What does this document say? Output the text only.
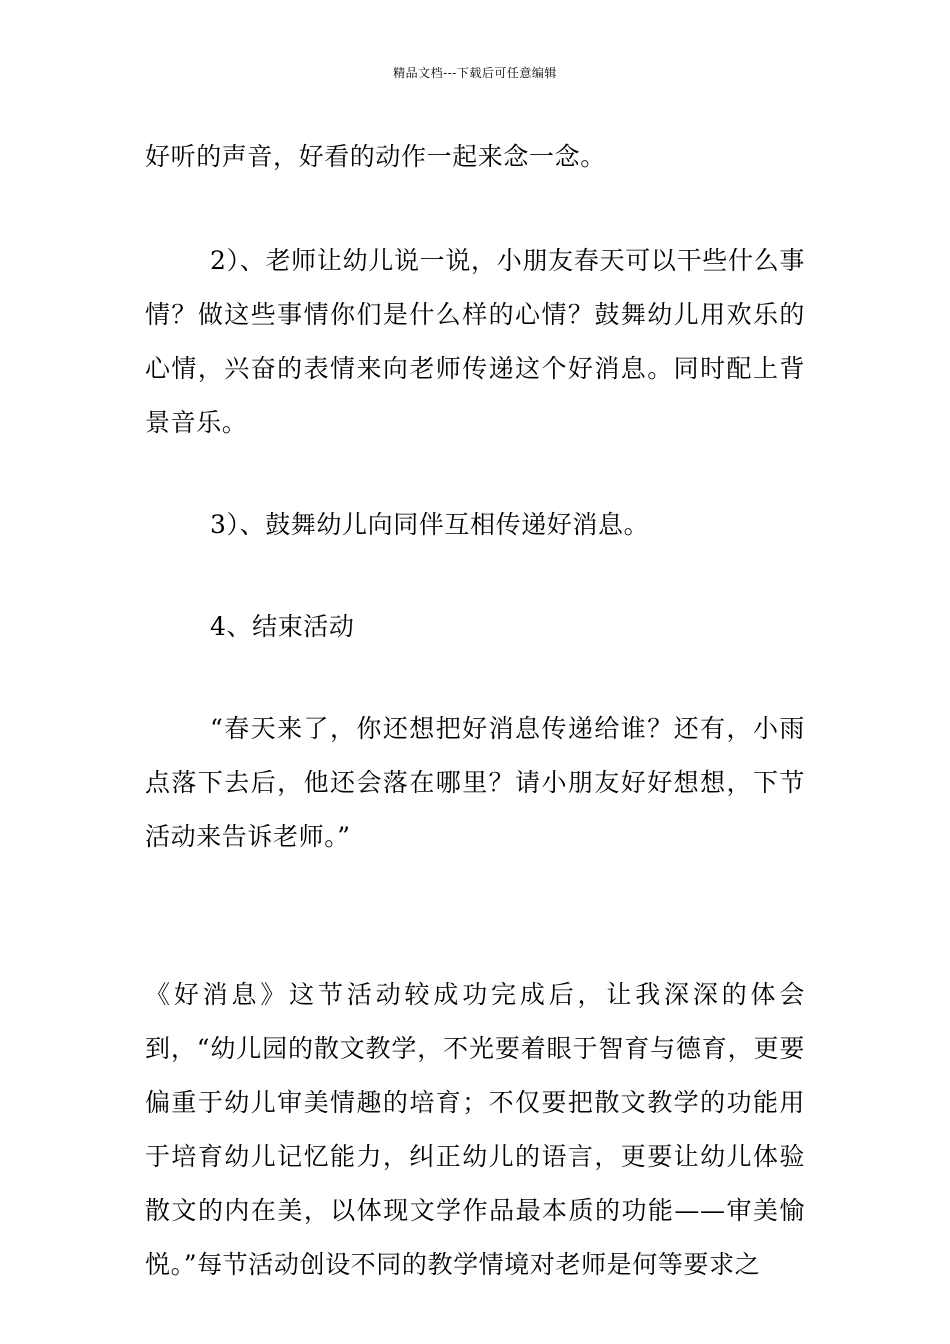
精品文档---下载后可任意编辑

好听的声音，好看的动作一起来念一念。

2）、老师让幼儿说一说，小朋友春天可以干些什么事情？做这些事情你们是什么样的心情？鼓舞幼儿用欢乐的心情，兴奋的表情来向老师传递这个好消息。同时配上背景音乐。

3）、鼓舞幼儿向同伴互相传递好消息。

4、结束活动

“春天来了，你还想把好消息传递给谁？还有，小雨点落下去后，他还会落在哪里？请小朋友好好想想，下节活动来告诉老师。”

《好消息》这节活动较成功完成后，让我深深的体会到，“幼儿园的散文教学，不光要着眼于智育与德育，更要偏重于幼儿审美情趣的培育；不仅要把散文教学的功能用于培育幼儿记忆能力，纠正幼儿的语言，更要让幼儿体验散文的内在美，以体现文学作品最本质的功能——审美愉悦。”每节活动创设不同的教学情境对老师是何等要求之
